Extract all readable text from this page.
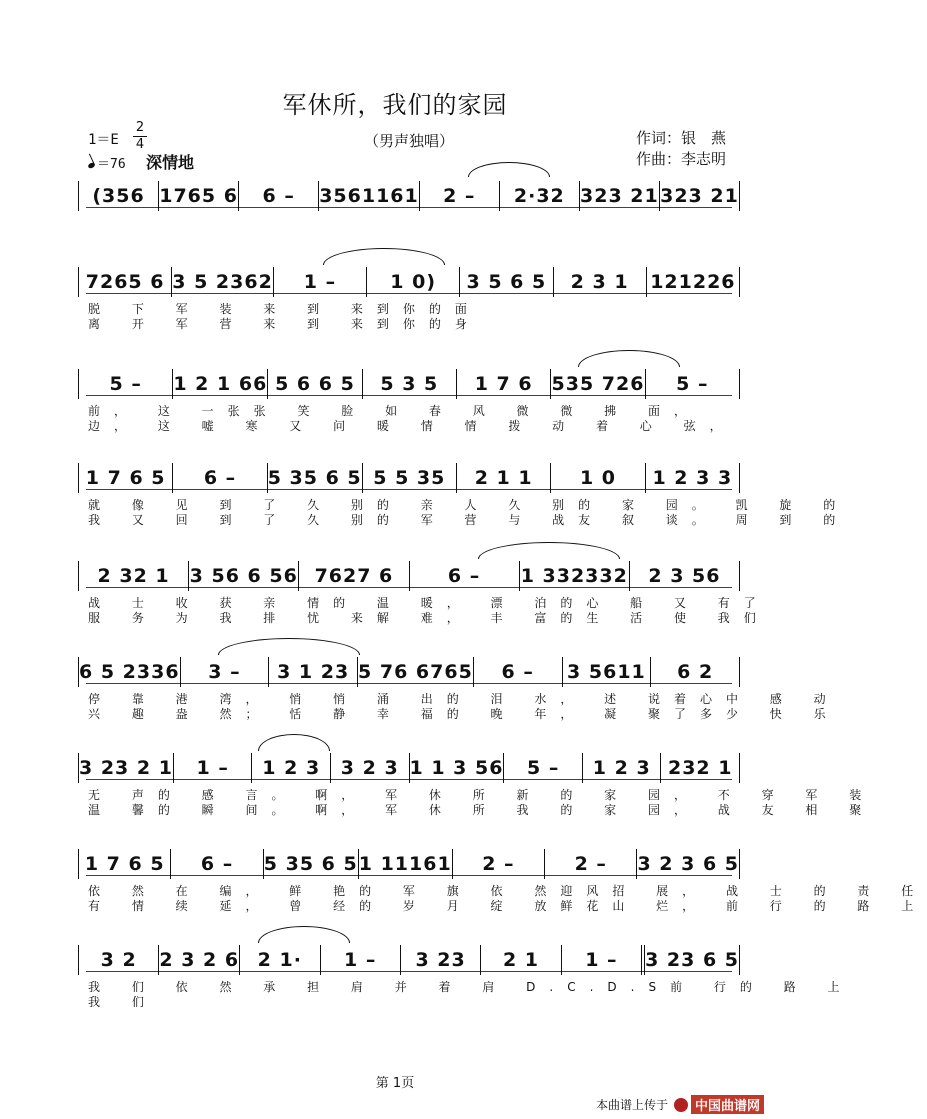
军休所，我们的家园
1＝E
2
4
＝76 深情地
（男声独唱）	作词：银　燕
作曲：李志明
(356 1765 6	6 –	3561161	2 –	2·32 323 21 323 21
7265 6 3 5 2362	1 –	1 0)	3 5 6 5	2 3 1	121226
脱 下 军 装 来 到 来到你的面
离 开 军 营 来 到 来到你的身
5 –	1 2 1 66 5 6 6 5	5 3 5	1 7 6 535 726	5 –
前， 这 一张张 笑 脸 如 春 风 微 微 拂 面，
边， 这 嘘 寒 又 问 暖 情 情 拨 动 着 心 弦，
1 7 6 5	6 –	5 35 6 5 5 5 35	2 1 1	1 0	1 2 3 3
就 像 见 到 了 久 别的 亲 人 久 别的 家 园。 凯 旋 的
我 又 回 到 了 久 别的 军 营 与 战友 叙 谈。 周 到 的
2 32 1	3 56 6 56 7627 6	6 –	1 332332	2 3 56
战 士 收 获 亲 情的 温 暖， 漂 泊的心 船 又 有了
服 务 为 我 排 忧 来解 难， 丰 富的生 活 使 我们
6 5 2336	3 –	3 1 23 5 76 6765	6 –	3 5611	6 2
停 靠 港 湾， 悄 悄 涌 出的 泪 水， 述 说着心中 感 动
兴 趣 盎 然； 恬 静 幸 福的 晚 年， 凝 聚了多少 快 乐
3 23 2 1	1 –	1 2 3	3 2 3 1 1 3 56	5 –	1 2 3 232 1
无 声的 感 言。 啊， 军 休 所 新 的 家 园， 不 穿 军 装
温 馨的 瞬 间。 啊， 军 休 所 我 的 家 园， 战 友 相 聚
1 7 6 5	6 –	5 35 6 5 1 11161	2 –	2 –	3 2 3 6 5
依 然 在 编， 鲜 艳的 军 旗 依 然迎风招 展， 战 士 的 责 任
有 情 续 延， 曾 经的 岁 月 绽 放鲜花山 烂， 前 行 的 路 上
3 2	2 3 2 6 2 1·	1 –	3 23	2 1	1 –	3 23 6 5
我 们 依 然 承 担 肩 并 着 肩 D.C.D.S前 行的 路 上
我 们
第 1页
本曲谱上传于	中国曲谱网
